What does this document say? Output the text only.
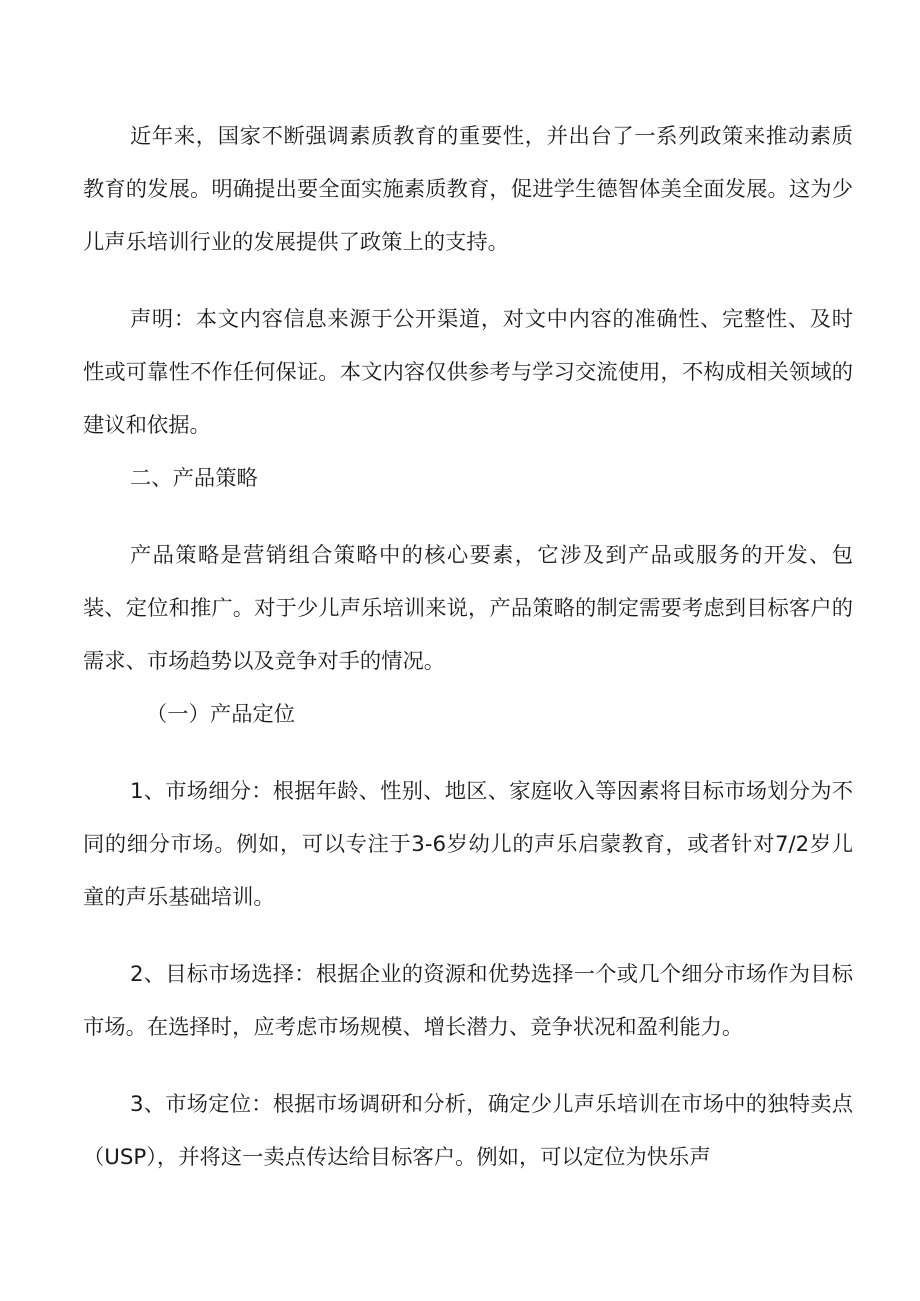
近年来，国家不断强调素质教育的重要性，并出台了一系列政策来推动素质教育的发展。明确提出要全面实施素质教育，促进学生德智体美全面发展。这为少儿声乐培训行业的发展提供了政策上的支持。

声明：本文内容信息来源于公开渠道，对文中内容的准确性、完整性、及时性或可靠性不作任何保证。本文内容仅供参考与学习交流使用，不构成相关领域的建议和依据。

二、产品策略

产品策略是营销组合策略中的核心要素，它涉及到产品或服务的开发、包装、定位和推广。对于少儿声乐培训来说，产品策略的制定需要考虑到目标客户的需求、市场趋势以及竞争对手的情况。

（一）产品定位

1、市场细分：根据年龄、性别、地区、家庭收入等因素将目标市场划分为不同的细分市场。例如，可以专注于3-6岁幼儿的声乐启蒙教育，或者针对7/2岁儿童的声乐基础培训。

2、目标市场选择：根据企业的资源和优势选择一个或几个细分市场作为目标市场。在选择时，应考虑市场规模、增长潜力、竞争状况和盈利能力。

3、市场定位：根据市场调研和分析，确定少儿声乐培训在市场中的独特卖点（USP），并将这一卖点传达给目标客户。例如，可以定位为快乐声
